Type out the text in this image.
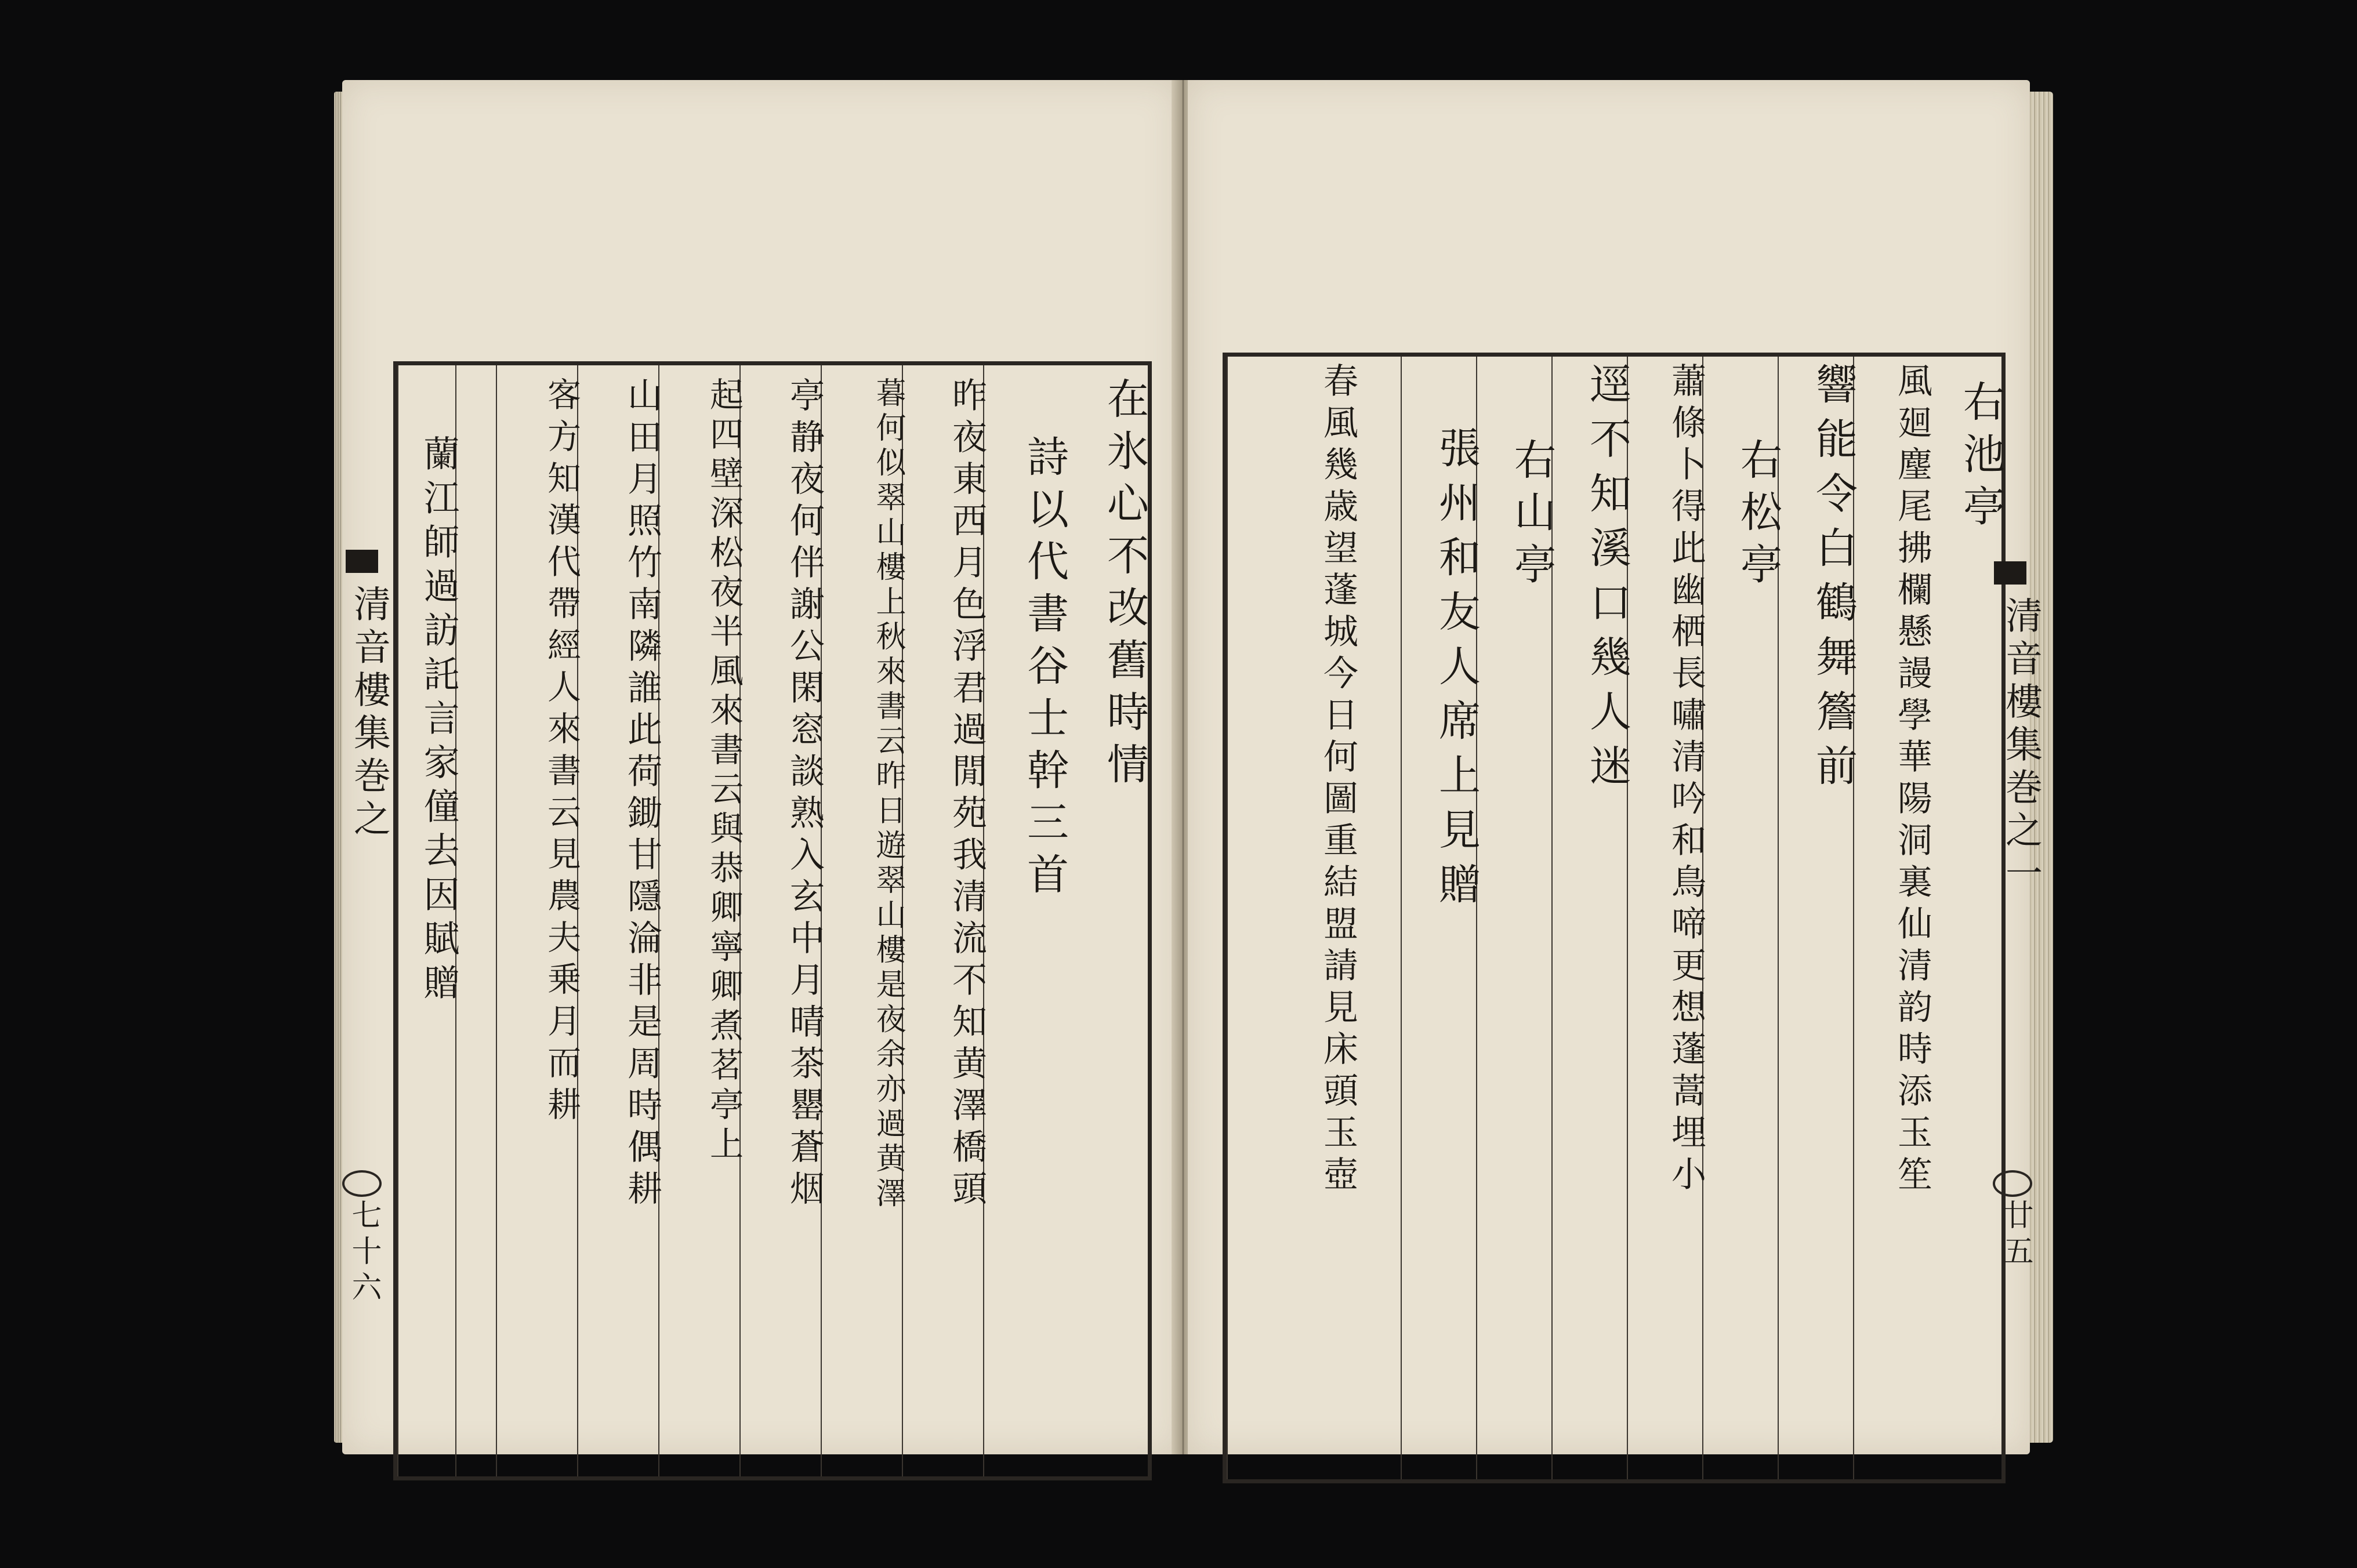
在氷心不改舊時情
詩以代書谷士幹三首
昨夜東西月色浮君過閒苑我清流不知黄澤橋頭
暮何似翠山樓上秋來書云昨日遊翠山樓是夜余亦過黄澤
亭静夜何伴謝公閑窓談熟入玄中月晴茶罌蒼烟
起四壁深松夜半風來書云與恭卿寧卿煮茗亭上
山田月照竹南隣誰此荷鋤甘隱淪非是周時偶耕
客方知漢代帶經人來書云見農夫乗月而耕
蘭江師過訪託言家僮去因賦贈
清音樓集巻之
七十六
右池亭
風廻麈尾拂欄懸謾學華陽洞裏仙清韵時添玉笙
響能令白鶴舞簷前
右松亭
蕭條卜得此幽栖長嘯清吟和鳥啼更想蓬蒿埋小
逕不知溪口幾人迷
右山亭
張州和友人席上見贈
春風幾歳望蓬城今日何圖重結盟請見床頭玉壺	清音樓集巻之一
廿五
